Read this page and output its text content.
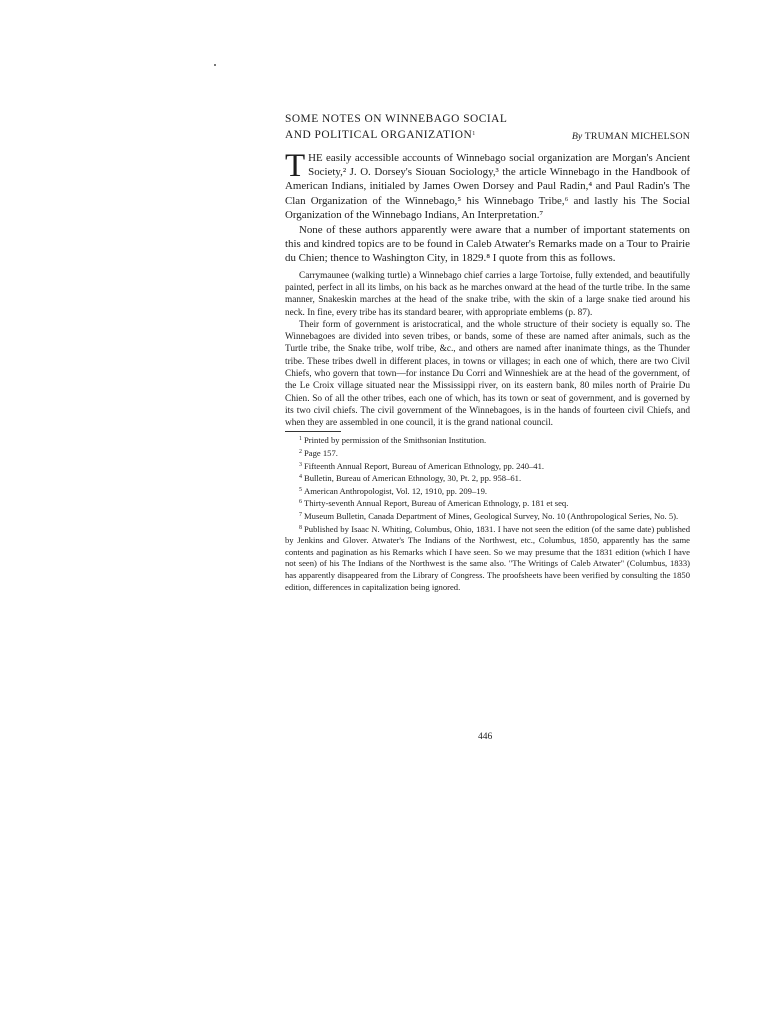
SOME NOTES ON WINNEBAGO SOCIAL
AND POLITICAL ORGANIZATION$^1$	By TRUMAN MICHELSON

THE easily accessible accounts of Winnebago social organization are Morgan's Ancient Society,² J. O. Dorsey's Siouan Sociology,³ the article Winnebago in the Handbook of American Indians, initialed by James Owen Dorsey and Paul Radin,⁴ and Paul Radin's The Clan Organization of the Winnebago,⁵ his Winnebago Tribe,⁶ and lastly his The Social Organization of the Winnebago Indians, An Interpretation.⁷

None of these authors apparently were aware that a number of important statements on this and kindred topics are to be found in Caleb Atwater's Remarks made on a Tour to Prairie du Chien; thence to Washington City, in 1829.⁸ I quote from this as follows.

Carrymaunee (walking turtle) a Winnebago chief carries a large Tortoise, fully extended, and beautifully painted, perfect in all its limbs, on his back as he marches onward at the head of the turtle tribe. In the same manner, Snakeskin marches at the head of the snake tribe, with the skin of a large snake tied around his neck. In fine, every tribe has its standard bearer, with appropriate emblems (p. 87).

Their form of government is aristocratical, and the whole structure of their society is equally so. The Winnebagoes are divided into seven tribes, or bands, some of these are named after animals, such as the Turtle tribe, the Snake tribe, wolf tribe, &c., and others are named after inanimate things, as the Thunder tribe. These tribes dwell in different places, in towns or villages; in each one of which, there are two Civil Chiefs, who govern that town—for instance Du Corri and Winneshiek are at the head of the government, of the Le Croix village situated near the Mississippi river, on its eastern bank, 80 miles north of Prairie Du Chien. So of all the other tribes, each one of which, has its town or seat of government, and is governed by its two civil chiefs. The civil government of the Winnebagoes, is in the hands of fourteen civil Chiefs, and when they are assembled in one council, it is the grand national council.

$^1$ Printed by permission of the Smithsonian Institution.

$^2$ Page 157.

$^3$ Fifteenth Annual Report, Bureau of American Ethnology, pp. 240–41.

$^4$ Bulletin, Bureau of American Ethnology, 30, Pt. 2, pp. 958–61.

$^5$ American Anthropologist, Vol. 12, 1910, pp. 209–19.

$^6$ Thirty-seventh Annual Report, Bureau of American Ethnology, p. 181 et seq.

$^7$ Museum Bulletin, Canada Department of Mines, Geological Survey, No. 10 (Anthropological Series, No. 5).

$^8$ Published by Isaac N. Whiting, Columbus, Ohio, 1831. I have not seen the edition (of the same date) published by Jenkins and Glover. Atwater's The Indians of the Northwest, etc., Columbus, 1850, apparently has the same contents and pagination as his Remarks which I have seen. So we may presume that the 1831 edition (which I have not seen) of his The Indians of the Northwest is the same also. "The Writings of Caleb Atwater" (Columbus, 1833) has apparently disappeared from the Library of Congress. The proofsheets have been verified by consulting the 1850 edition, differences in capitalization being ignored.

446
